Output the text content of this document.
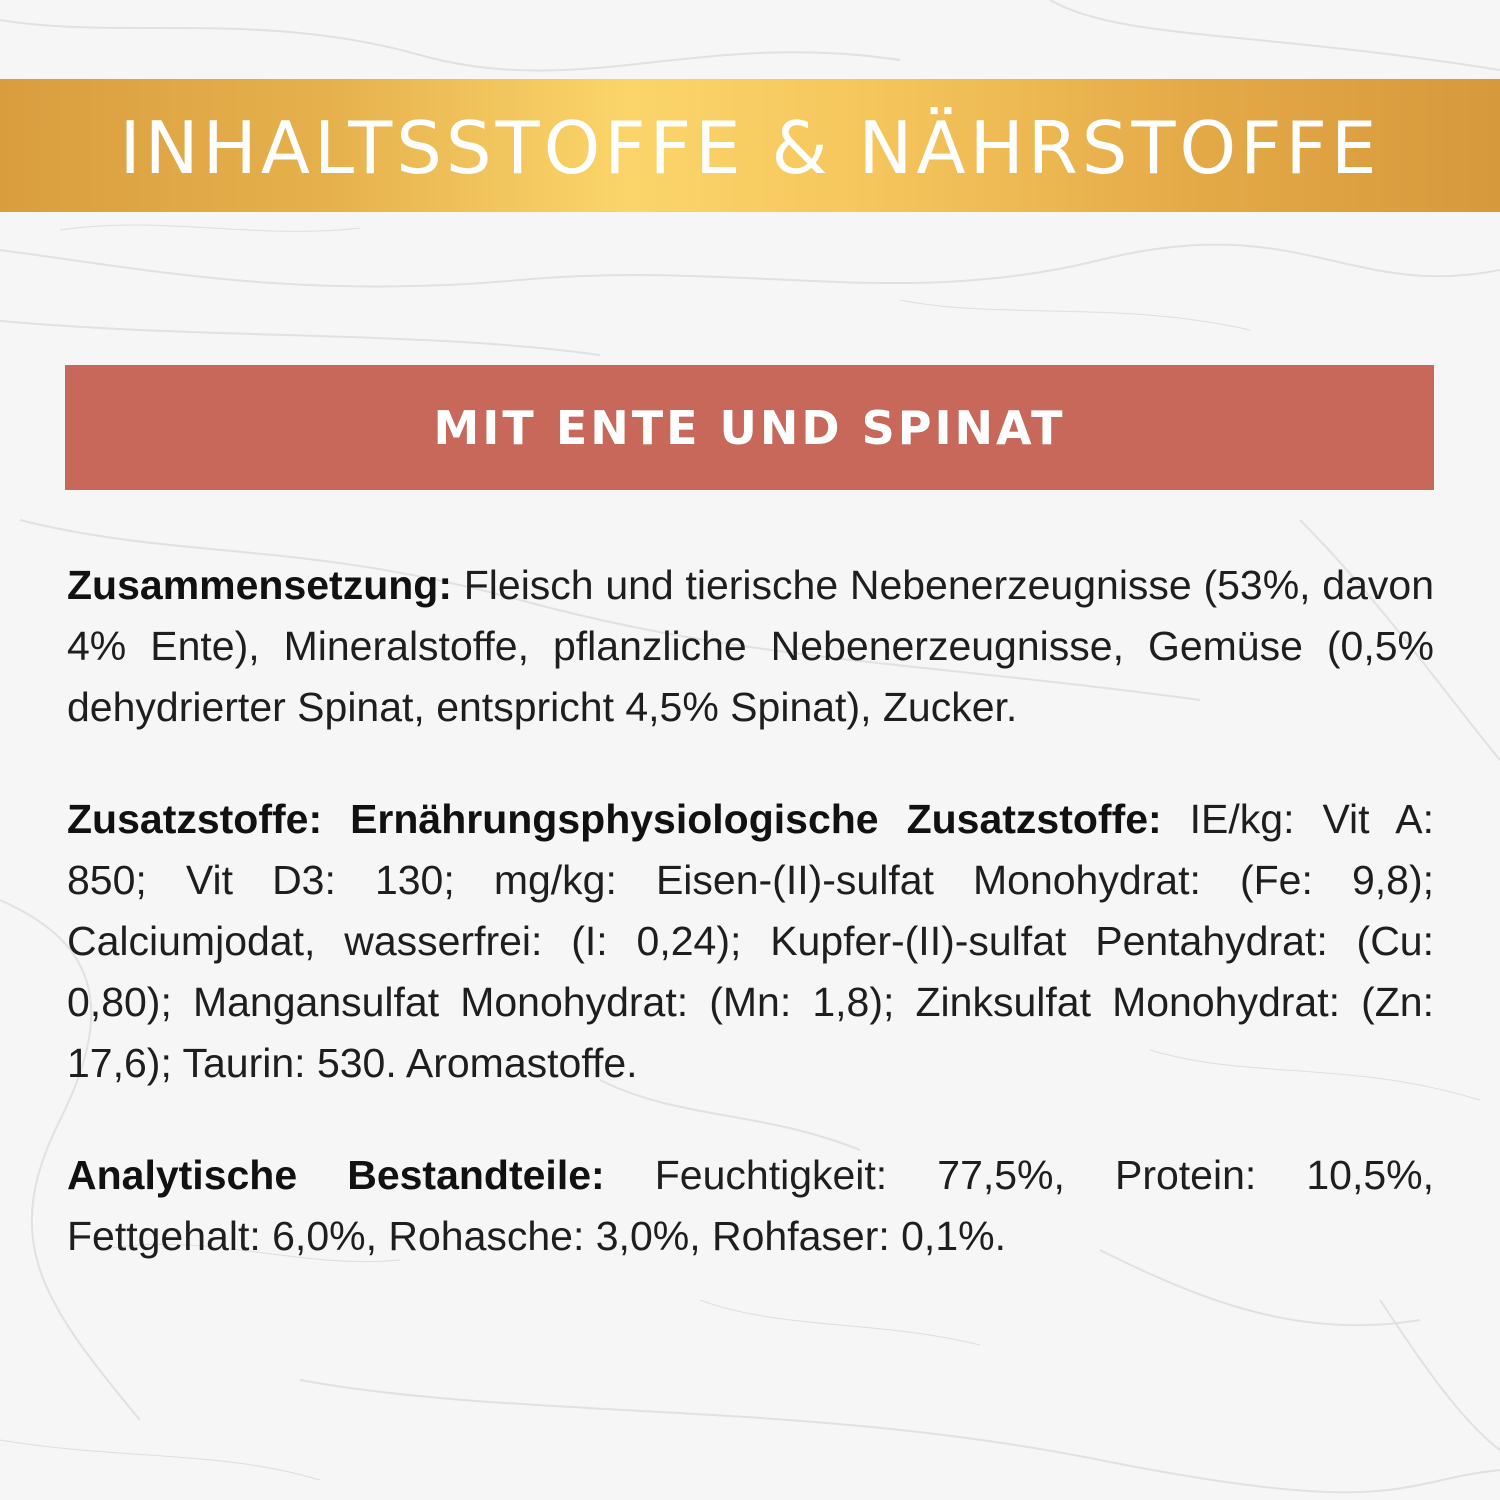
INHALTSSTOFFE & NÄHRSTOFFE
MIT ENTE UND SPINAT

Zusammensetzung: Fleisch und tierische Nebenerzeugnisse (53%, davon 4% Ente), Mineralstoffe, pflanzliche Nebenerzeugnisse, Gemüse (0,5% dehydrierter Spinat, entspricht 4,5% Spinat), Zucker.

Zusatzstoffe: Ernährungsphysiologische Zusatzstoffe: IE/kg: Vit A: 850; Vit D3: 130; mg/kg: Eisen-(II)-sulfat Monohydrat: (Fe: 9,8); Calciumjodat, wasserfrei: (I: 0,24); Kupfer-(II)-sulfat Pentahydrat: (Cu: 0,80); Mangansulfat Monohydrat: (Mn: 1,8); Zinksulfat Monohydrat: (Zn: 17,6); Taurin: 530. Aromastoffe.

Analytische Bestandteile: Feuchtigkeit: 77,5%, Protein: 10,5%, Fettgehalt: 6,0%, Rohasche: 3,0%, Rohfaser: 0,1%.
